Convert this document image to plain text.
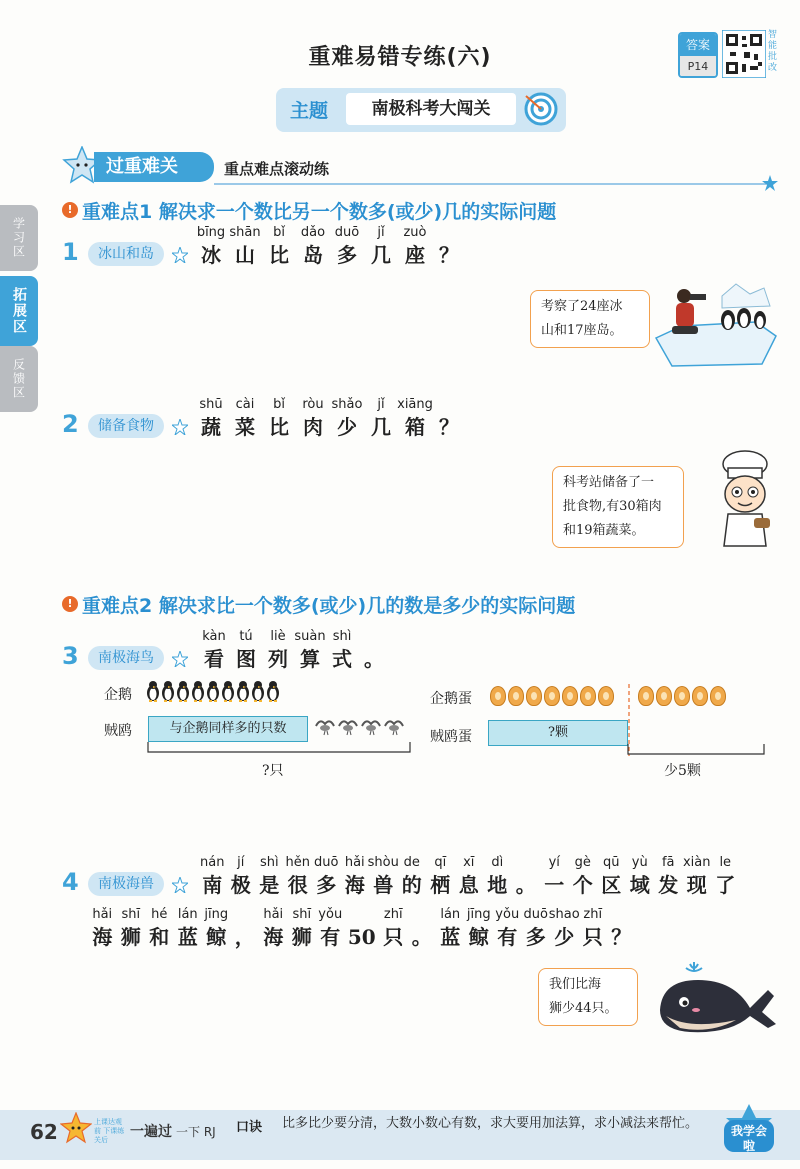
重难易错专练(六)	答案
P14
智能批改
主题	南极科考大闯关
过重难关	重点难点滚动练
学习区
拓展区
反馈区
! 重难点1 解决求一个数比另一个数多(或少)几的实际问题
1	冰山和岛
bīng
冰
shān
山
bǐ
比
dǎo
岛
duō
多
jǐ
几
zuò
座 ？
考察了24座冰
山和17座岛。
2	储备食物
shū
蔬
cài
菜
bǐ
比
ròu
肉
shǎo
少
jǐ
几
xiāng
箱 ？
科考站储备了一
批食物,有30箱肉
和19箱蔬菜。
! 重难点2 解决求比一个数多(或少)几的数是多少的实际问题
3	南极海鸟
kàn
看
tú
图
liè
列
suàn
算
shì
式 。
企鹅
贼鸥	与企鹅同样多的只数
?只
企鹅蛋
贼鸥蛋	?颗
少5颗
4	南极海兽
nán
南
jí
极
shì
是
hěn
很
duō
多
hǎi
海
shòu
兽
de
的
qī
栖
xī
息
dì
地 。
yí
一
gè
个
qū
区
yù
域
fā
发
xiàn
现
le
了
hǎi
海
shī
狮
hé
和
lán
蓝
jīng
鲸 ，
hǎi
海
shī
狮
yǒu
有 50
zhī
只 。
lán
蓝
jīng
鲸
yǒu
有
duō
多
shao
少
zhī
只 ？
我们比海
狮少44只。
62	上课达观前 下课练关后	一遍过 一下 RJ 口诀 比多比少要分清，大数小数心有数，求大要用加法算，求小减法来帮忙。	我学会啦
